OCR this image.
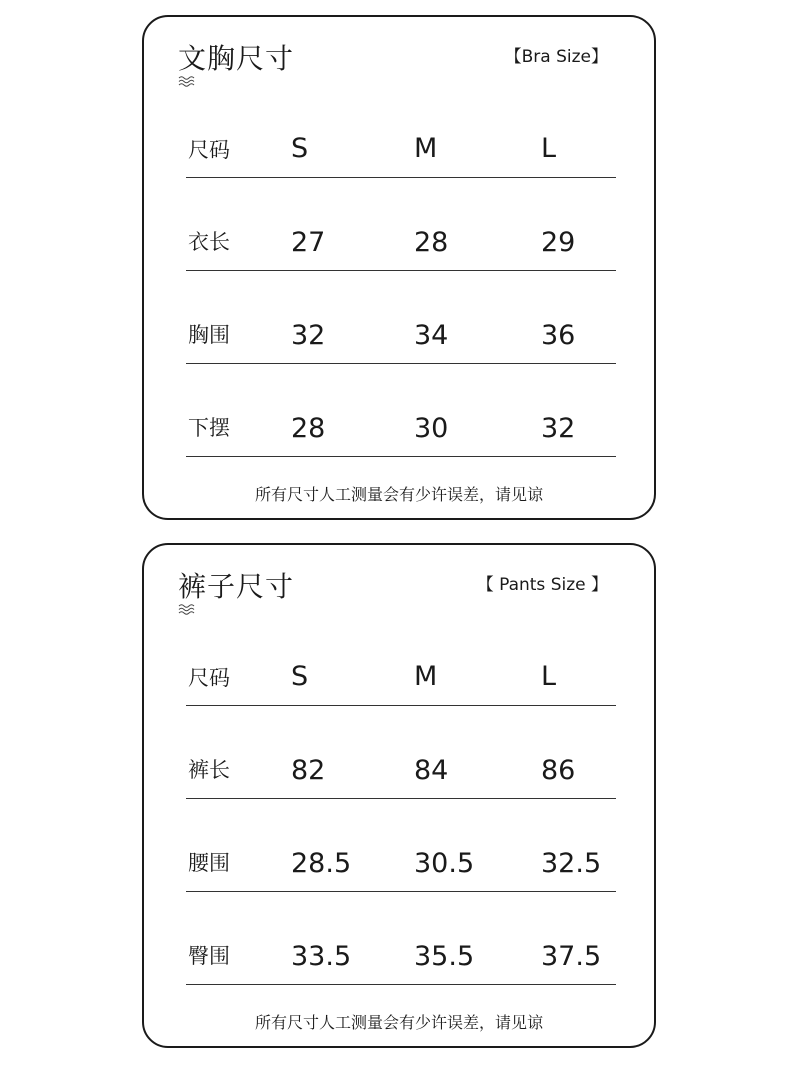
文胸尺寸	【Bra Size】
尺码 S	M	L
衣长 27	28	29
胸围 32	34	36
下摆 28	30	32
所有尺寸人工测量会有少许误差，请见谅
裤子尺寸	【 Pants Size 】
尺码 S	M	L
裤长 82	84	86
腰围 28.5 30.5 32.5
臀围 33.5 35.5 37.5
所有尺寸人工测量会有少许误差，请见谅
